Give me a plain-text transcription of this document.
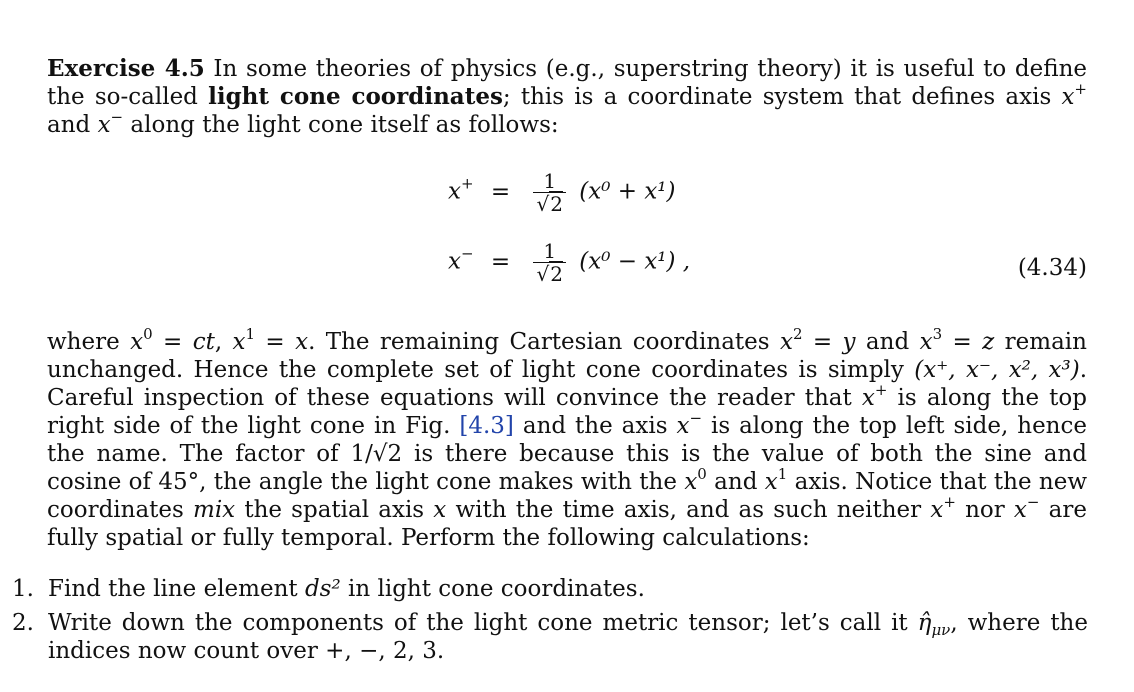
Exercise 4.5 In some theories of physics (e.g., superstring theory) it is useful to define the so-called light cone coordinates; this is a coordinate system that defines axis x+ and x− along the light cone itself as follows:

$x^+ = \frac{1}{√2} (x^0 + x^1)$
$x^- = \frac{1}{√2} (x^0 - x^1)$ ,	(4.34)

where $x^0$ = ct, $x^1 = x$. The remaining Cartesian coordinates $x^2 = y$ and $x^3 = z$ remain unchanged. Hence the complete set of light cone coordinates is simply (x⁺, x⁻, x², x³). Careful inspection of these equations will convince the reader that x+ is along the top right side of the light cone in Fig. [4.3] and the axis x− is along the top left side, hence the name. The factor of 1/√2 is there because this is the value of both the sine and cosine of 45°, the angle the light cone makes with the $x^0$ and $x^1$ axis. Notice that the new coordinates mix the spatial axis x with the time axis, and as such neither x+ nor x− are fully spatial or fully temporal. Perform the following calculations:

1. Find the line element ds² in light cone coordinates.
2. Write down the components of the light cone metric tensor; let’s call it $\etâ_{\mu\nu}$, where the indices now count over +, −, 2, 3.
